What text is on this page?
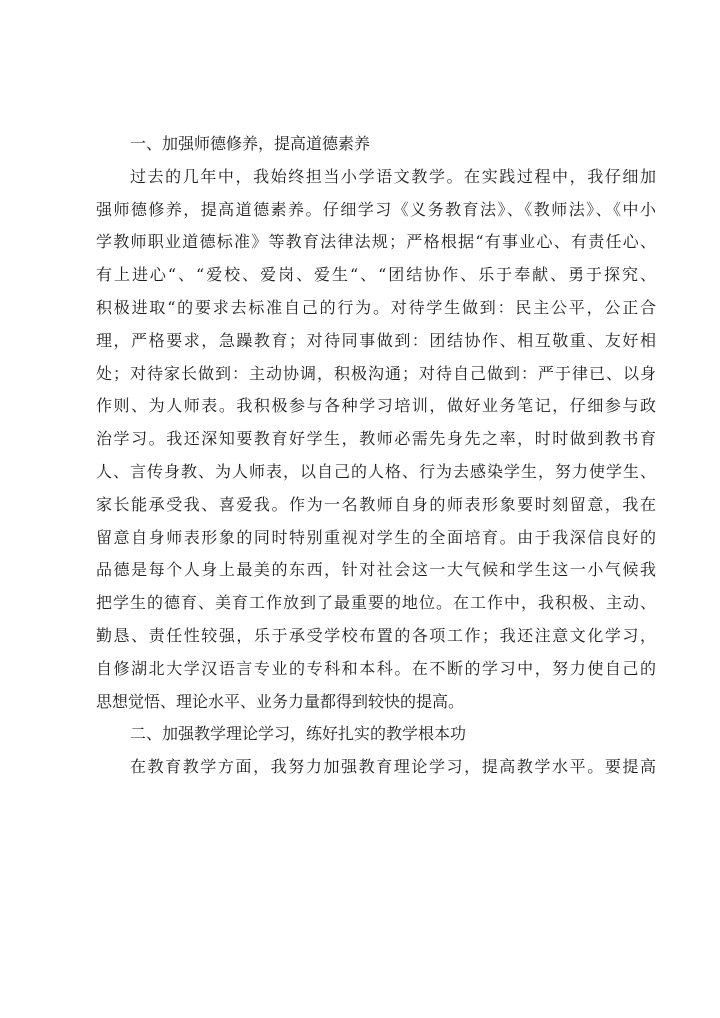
一、加强师德修养，提高道德素养
过去的几年中，我始终担当小学语文教学。在实践过程中，我仔细加
强师德修养，提高道德素养。仔细学习《义务教育法》、《教师法》、《中小
学教师职业道德标准》等教育法律法规；严格根据“有事业心、有责任心、
有上进心“、“爱校、爱岗、爱生“、“团结协作、乐于奉献、勇于探究、
积极进取“的要求去标准自己的行为。对待学生做到：民主公平，公正合
理，严格要求，急躁教育；对待同事做到：团结协作、相互敬重、友好相
处；对待家长做到：主动协调，积极沟通；对待自己做到：严于律已、以身
作则、为人师表。我积极参与各种学习培训，做好业务笔记，仔细参与政
治学习。我还深知要教育好学生，教师必需先身先之率，时时做到教书育
人、言传身教、为人师表，以自己的人格、行为去感染学生，努力使学生、
家长能承受我、喜爱我。作为一名教师自身的师表形象要时刻留意，我在
留意自身师表形象的同时特别重视对学生的全面培育。由于我深信良好的
品德是每个人身上最美的东西，针对社会这一大气候和学生这一小气候我
把学生的德育、美育工作放到了最重要的地位。在工作中，我积极、主动、
勤恳、责任性较强，乐于承受学校布置的各项工作；我还注意文化学习，
自修湖北大学汉语言专业的专科和本科。在不断的学习中，努力使自己的
思想觉悟、理论水平、业务力量都得到较快的提高。
二、加强教学理论学习，练好扎实的教学根本功
在教育教学方面，我努力加强教育理论学习，提高教学水平。要提高
